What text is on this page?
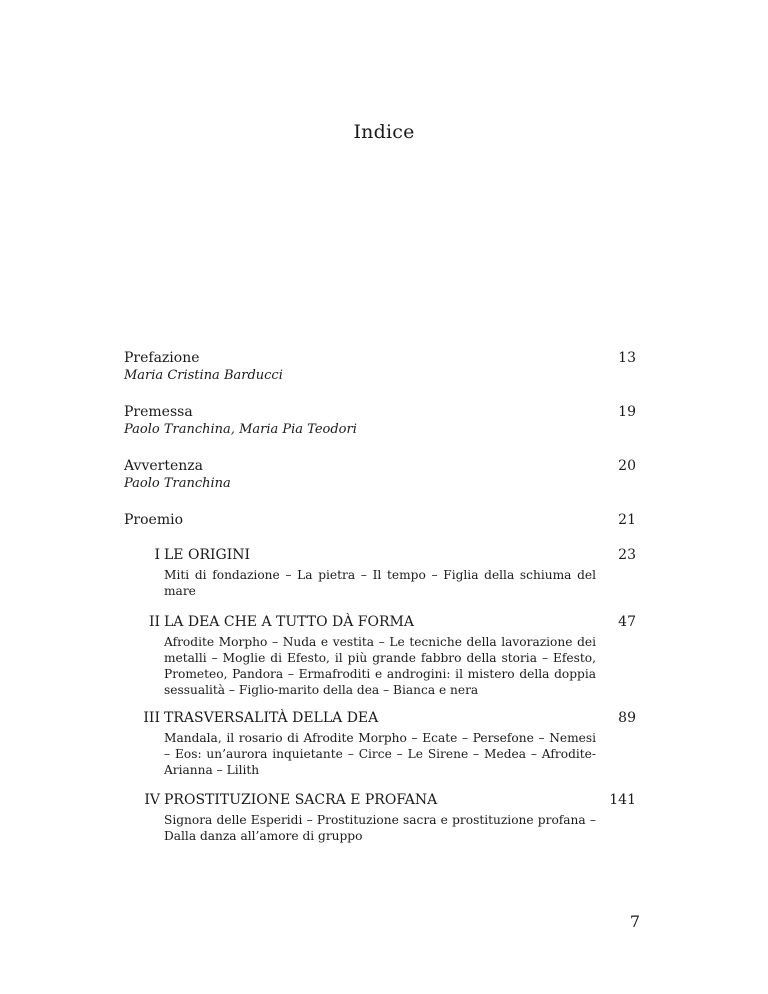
Indice
Prefazione	13
Maria Cristina Barducci
Premessa	19
Paolo Tranchina, Maria Pia Teodori
Avvertenza	20
Paolo Tranchina
Proemio	21
I LE ORIGINI	23
Miti di fondazione – La pietra – Il tempo – Figlia della schiuma del mare
II LA DEA CHE A TUTTO DÀ FORMA	47
Afrodite Morpho – Nuda e vestita – Le tecniche della lavorazione dei metalli – Moglie di Efesto, il più grande fabbro della storia – Efesto, Prometeo, Pandora – Ermafroditi e androgini: il mistero della doppia sessualità – Figlio-marito della dea – Bianca e nera
III TRASVERSALITÀ DELLA DEA	89
Mandala, il rosario di Afrodite Morpho – Ecate – Persefone – Nemesi – Eos: un’aurora inquietante – Circe – Le Sirene – Medea – Afrodite-Arianna – Lilith
IV PROSTITUZIONE SACRA E PROFANA	141
Signora delle Esperidi – Prostituzione sacra e prostituzione profana – Dalla danza all’amore di gruppo
7
